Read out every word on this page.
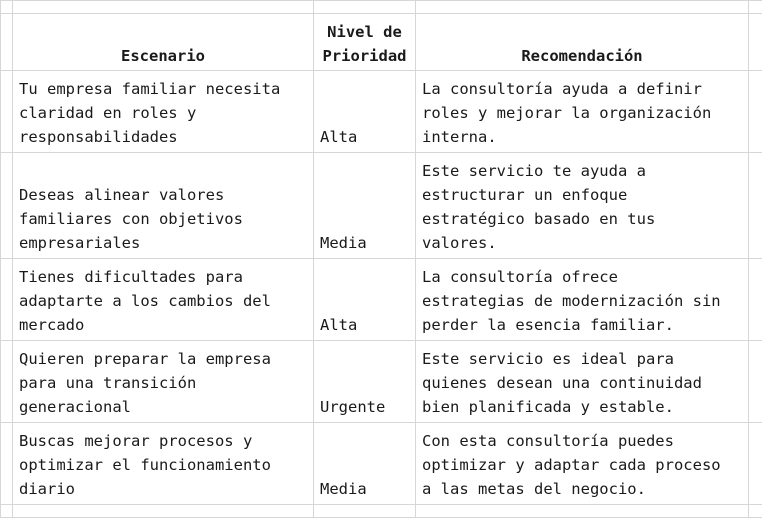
	Escenario	Nivel de
Prioridad	Recomendación	

	Tu empresa familiar necesita
claridad en roles y
responsabilidades	Alta	La consultoría ayuda a definir
roles y mejorar la organización
interna.	

	Deseas alinear valores
familiares con objetivos
empresariales	Media	Este servicio te ayuda a
estructurar un enfoque
estratégico basado en tus
valores.	

	Tienes dificultades para
adaptarte a los cambios del
mercado	Alta	La consultoría ofrece
estrategias de modernización sin
perder la esencia familiar.	

	Quieren preparar la empresa
para una transición
generacional	Urgente	Este servicio es ideal para
quienes desean una continuidad
bien planificada y estable.	

	Buscas mejorar procesos y
optimizar el funcionamiento
diario	Media	Con esta consultoría puedes
optimizar y adaptar cada proceso
a las metas del negocio.	
